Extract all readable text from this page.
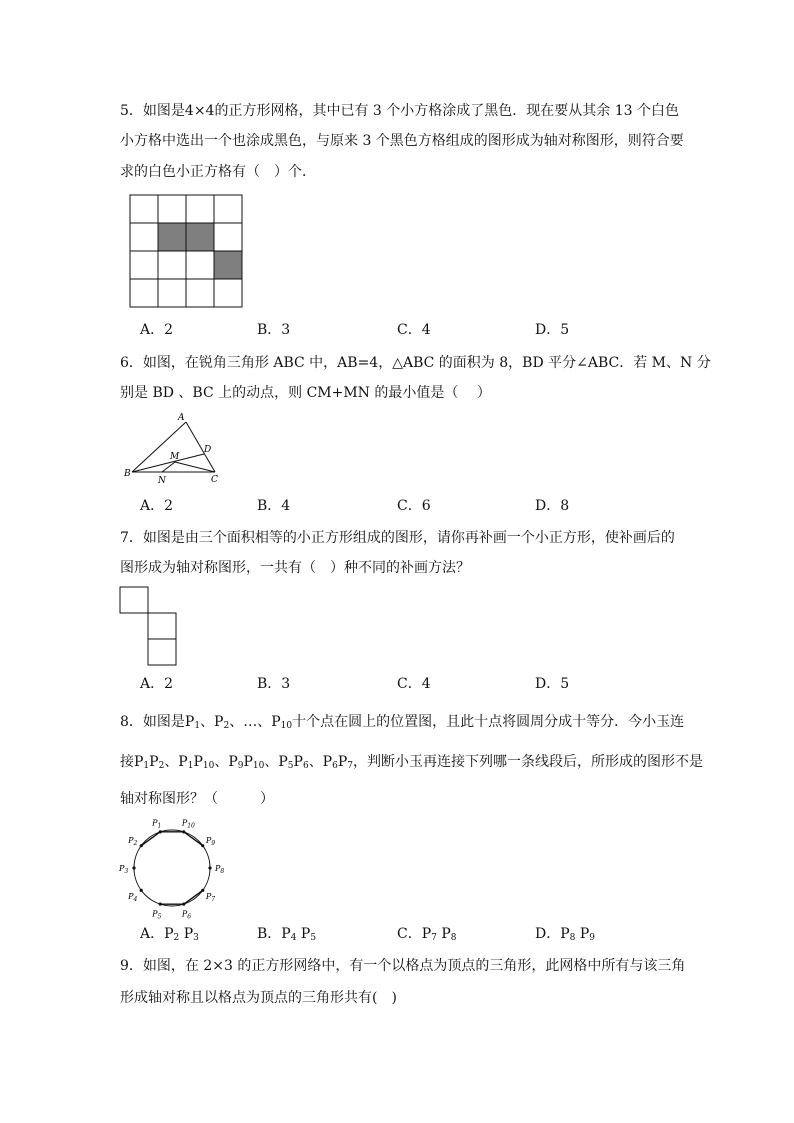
5．如图是4×4的正方形网格，其中已有 3 个小方格涂成了黑色．现在要从其余 13 个白色
小方格中选出一个也涂成黑色，与原来 3 个黑色方格组成的图形成为轴对称图形，则符合要
求的白色小正方格有（　）个．
A．2	B．3	C．4	D．5
6．如图，在锐角三角形 ABC 中，AB=4，△ABC 的面积为 8，BD 平分∠ABC．若 M、N 分
别是 BD 、BC 上的动点，则 CM+MN 的最小值是（　 ）
A
B
C
D
M
N
A．2	B．4	C．6	D．8
7．如图是由三个面积相等的小正方形组成的图形，请你再补画一个小正方形，使补画后的
图形成为轴对称图形，一共有（　）种不同的补画方法？
A．2	B．3	C．4	D．5
8．如图是$P_1$、$P_2$、…、$P_{10}$十个点在圆上的位置图，且此十点将圆周分成十等分．今小玉连
接$P_1P_2$、$P_1P_{10}$、$P_9P_{10}$、$P_5P_6$、$P_6P_7$，判断小玉再连接下列哪一条线段后，所形成的图形不是
轴对称图形？（　　　）
$P_1$
$P_2$
$P_3$
$P_4$
$P_5$	$P_6$
$P_7$
$P_8$
$P_9$
$P_{10}$
A．$P_2$ $P_3$	B．$P_4$ $P_5$	C．$P_7$ $P_8$	D．$P_8$ $P_9$
9．如图，在 2×3 的正方形网络中，有一个以格点为顶点的三角形，此网格中所有与该三角
形成轴对称且以格点为顶点的三角形共有(　)
